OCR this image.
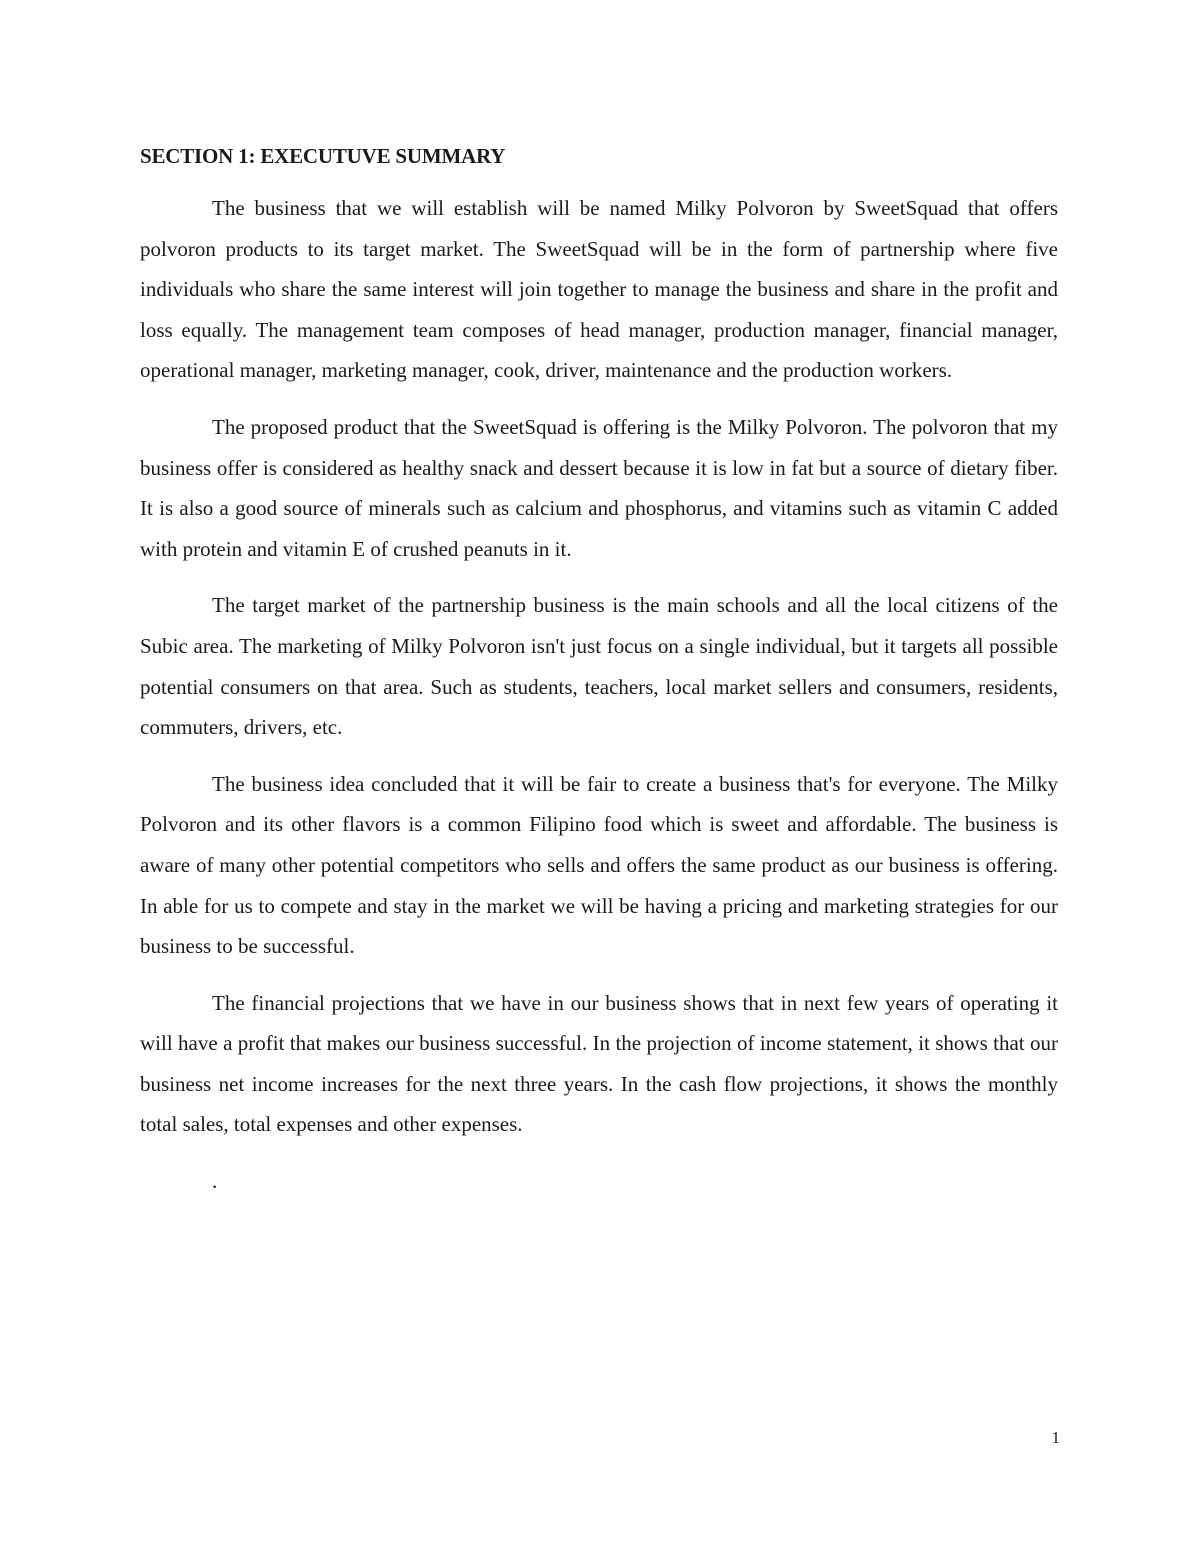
SECTION 1: EXECUTUVE SUMMARY

The business that we will establish will be named Milky Polvoron by SweetSquad that offers polvoron products to its target market. The SweetSquad will be in the form of partnership where five individuals who share the same interest will join together to manage the business and share in the profit and loss equally. The management team composes of head manager, production manager, financial manager, operational manager, marketing manager, cook, driver, maintenance and the production workers.

The proposed product that the SweetSquad is offering is the Milky Polvoron. The polvoron that my business offer is considered as healthy snack and dessert because it is low in fat but a source of dietary fiber. It is also a good source of minerals such as calcium and phosphorus, and vitamins such as vitamin C added with protein and vitamin E of crushed peanuts in it.

The target market of the partnership business is the main schools and all the local citizens of the Subic area. The marketing of Milky Polvoron isn't just focus on a single individual, but it targets all possible potential consumers on that area. Such as students, teachers, local market sellers and consumers, residents, commuters, drivers, etc.

The business idea concluded that it will be fair to create a business that's for everyone. The Milky Polvoron and its other flavors is a common Filipino food which is sweet and affordable. The business is aware of many other potential competitors who sells and offers the same product as our business is offering. In able for us to compete and stay in the market we will be having a pricing and marketing strategies for our business to be successful.

The financial projections that we have in our business shows that in next few years of operating it will have a profit that makes our business successful. In the projection of income statement, it shows that our business net income increases for the next three years. In the cash flow projections, it shows the monthly total sales, total expenses and other expenses.

.

1
